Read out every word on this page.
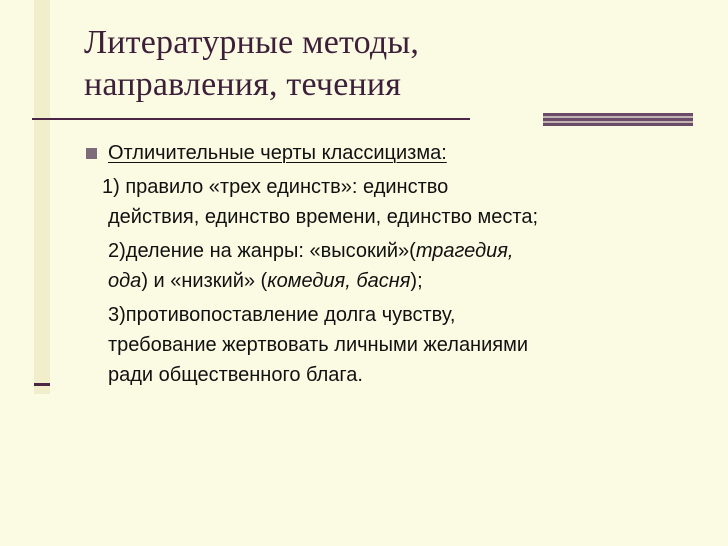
Литературные методы,
направления, течения
Отличительные черты классицизма:
1) правило «трех единств»: единство
действия, единство времени, единство места;
2)деление на жанры: «высокий»(трагедия,
ода) и «низкий» (комедия, басня);
3)противопоставление долга чувству,
требование жертвовать личными желаниями
ради общественного блага.
